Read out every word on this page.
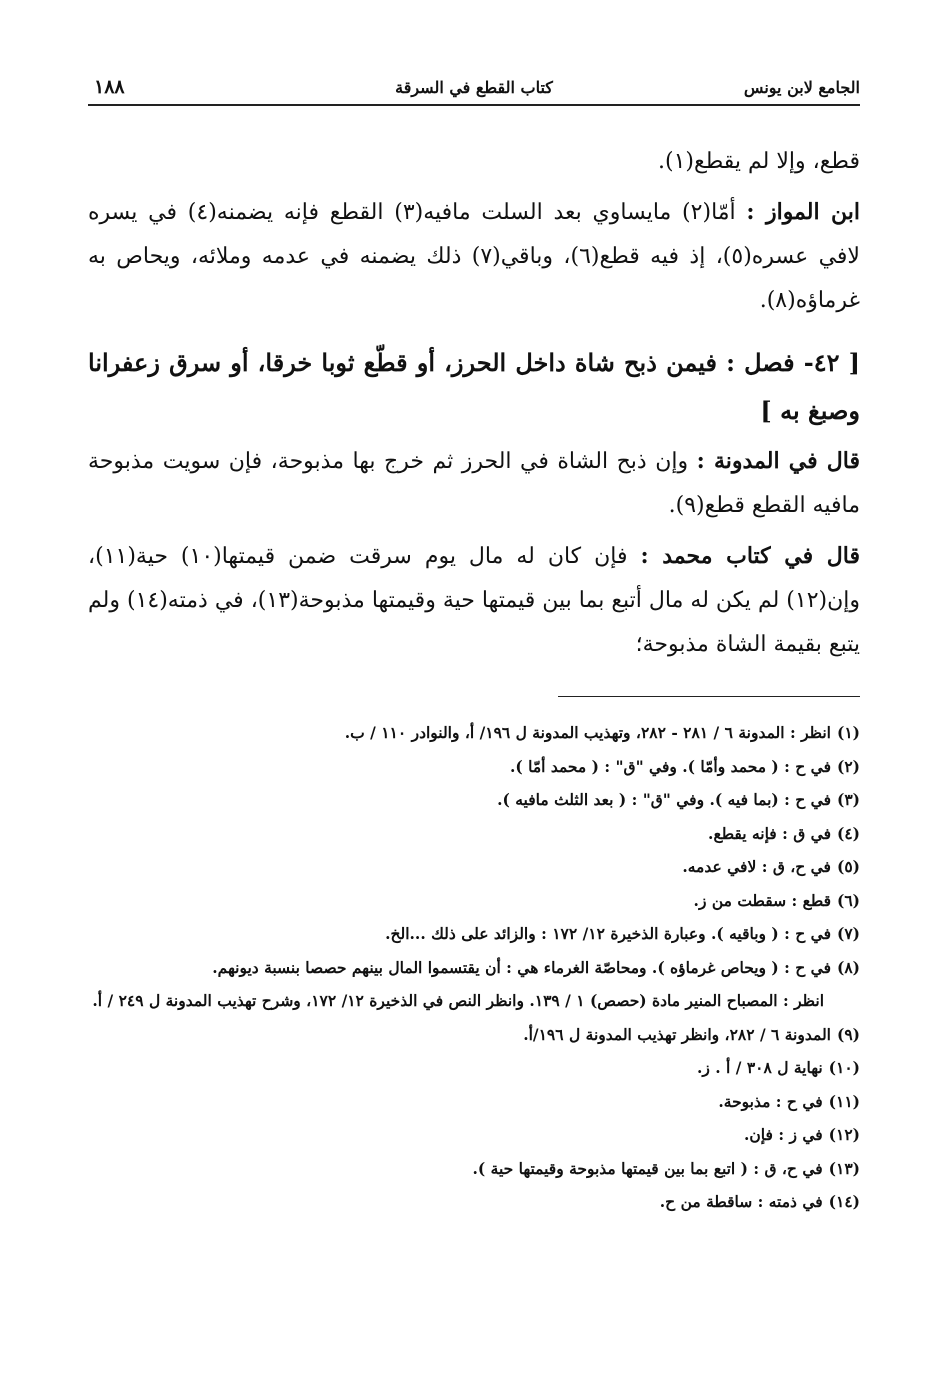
الجامع لابن يونس
كتاب القطع في السرقة
١٨٨

قطع، وإلا لم يقطع(١).

ابن المواز : أمّا(٢) مايساوي بعد السلت مافيه(٣) القطع فإنه يضمنه(٤) في يسره لافي عسره(٥)، إذ فيه قطع(٦)، وباقي(٧) ذلك يضمنه في عدمه وملائه، ويحاص به غرماؤه(٨).

[ ٤٢- فصل : فيمن ذبح شاة داخل الحرز، أو قطّع ثوبا خرقا، أو سرق زعفرانا وصبغ به ]

قال في المدونة : وإن ذبح الشاة في الحرز ثم خرج بها مذبوحة، فإن سويت مذبوحة مافيه القطع قطع(٩).

قال في كتاب محمد : فإن كان له مال يوم سرقت ضمن قيمتها(١٠) حية(١١)، وإن(١٢) لم يكن له مال أتبع بما بين قيمتها حية وقيمتها مذبوحة(١٣)، في ذمته(١٤) ولم يتبع بقيمة الشاة مذبوحة؛

(١)انظر : المدونة ٦ / ٢٨١ - ٢٨٢، وتهذيب المدونة ل ١٩٦/ أ، والنوادر ١١٠ / ب.

(٢)في ح : ( محمد وأمّا ). وفي "ق" : ( محمد أمّا ).

(٣)في ح : (بما فيه ). وفي "ق" : ( بعد الثلث مافيه ).

(٤)في ق : فإنه يقطع.

(٥)في ح، ق : لافي عدمه.

(٦)قطع : سقطت من ز.

(٧)في ح : ( وباقيه ). وعبارة الذخيرة ١٢/ ١٧٢ : والزائد على ذلك ...الخ.

(٨)في ح : ( ويحاص غرماؤه ). ومحاصّة الغرماء هي : أن يقتسموا المال بينهم حصصا بنسبة ديونهم.

انظر : المصباح المنير مادة (حصص) ١ / ١٣٩. وانظر النص في الذخيرة ١٢/ ١٧٢، وشرح تهذيب المدونة ل ٢٤٩ / أ.

(٩)المدونة ٦ / ٢٨٢، وانظر تهذيب المدونة ل ١٩٦/أ.

(١٠)نهاية ل ٣٠٨ / أ . ز.

(١١)في ح : مذبوحة.

(١٢)في ز : فإن.

(١٣)في ح، ق : ( اتبع بما بين قيمتها مذبوحة وقيمتها حية ).

(١٤)في ذمته : ساقطة من ح.
